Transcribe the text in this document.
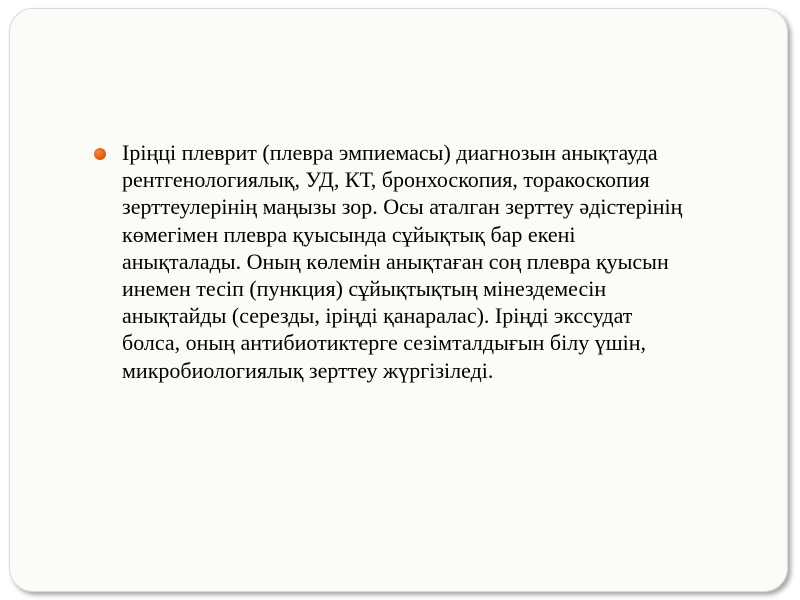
Іріңці плеврит (плевра эмпиемасы) диагнозын анықтауда рентгенологиялық, УД, КТ, бронхоскопия, торакоскопия зерттеулерінің маңызы зор. Осы аталган зерттеу әдістерінің көмегімен плевра қуысында сұйықтық бар екені анықталады. Оның көлемін анықтаған соң плевра қуысын инемен тесіп (пункция) сұйықтықтың мінездемесін анықтайды (серезды, іріңді қанаралас). Іріңді экссудат болса, оның антибиотиктерге сезімталдығын білу үшін, микробиологиялық зерттеу жүргізіледі.
